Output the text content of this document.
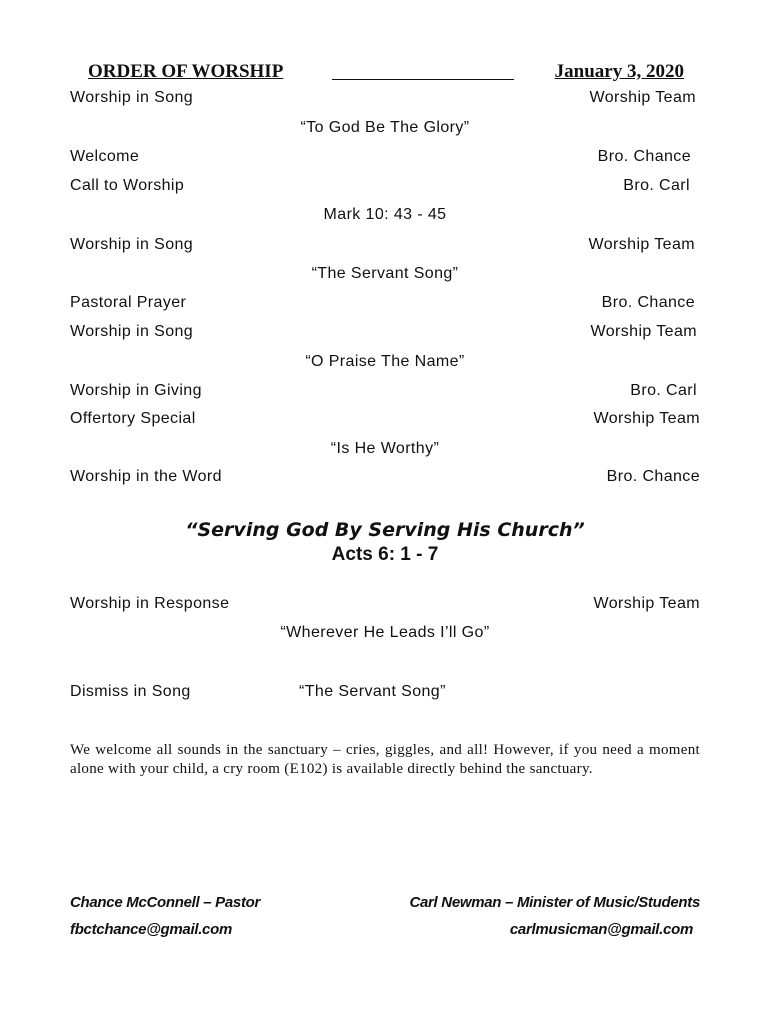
ORDER OF WORSHIP	January 3, 2020
Worship in Song	Worship Team
“To God Be The Glory”
Welcome	Bro. Chance
Call to Worship	Bro. Carl
Mark 10: 43 - 45
Worship in Song	Worship Team
“The Servant Song”
Pastoral Prayer	Bro. Chance
Worship in Song	Worship Team
“O Praise The Name”
Worship in Giving	Bro. Carl
Offertory Special	Worship Team
“Is He Worthy”
Worship in the Word	Bro. Chance
“Serving God By Serving His Church”
Acts 6: 1 - 7
Worship in Response	Worship Team
“Wherever He Leads I’ll Go”
Dismiss in Song	“The Servant Song”
We welcome all sounds in the sanctuary – cries, giggles, and all! However, if you need a moment alone with your child, a cry room (E102) is available directly behind the sanctuary.
Chance McConnell – Pastor
fbctchance@gmail.com
Carl Newman – Minister of Music/Students
carlmusicman@gmail.com
